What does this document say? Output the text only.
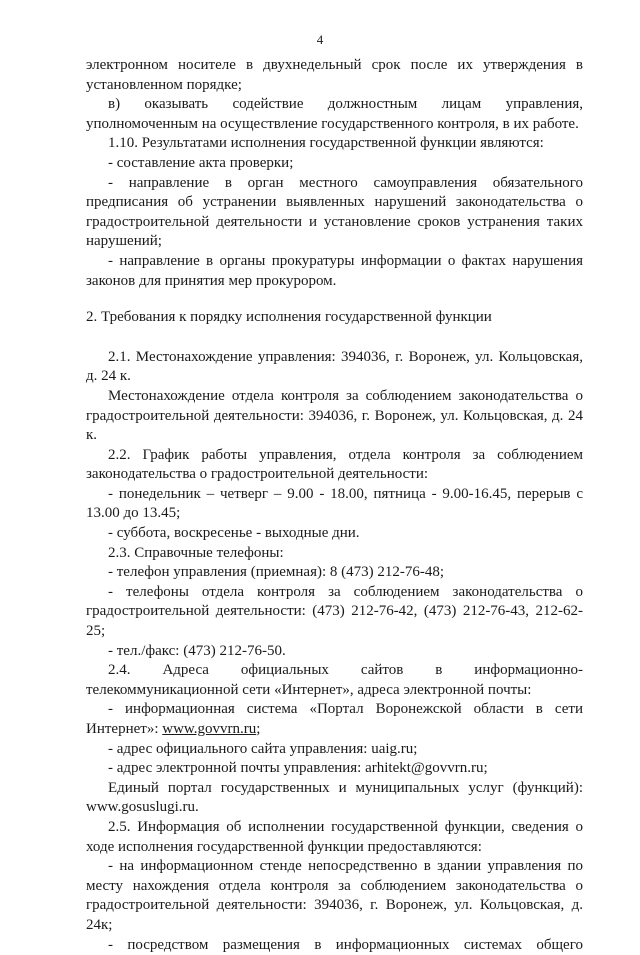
4

электронном носителе в двухнедельный срок после их утверждения в установленном порядке;

в) оказывать содействие должностным лицам управления, уполномоченным на осуществление государственного контроля, в их работе.

1.10. Результатами исполнения государственной функции являются:

- составление акта проверки;

- направление в орган местного самоуправления обязательного предписания об устранении выявленных нарушений законодательства о градостроительной деятельности и установление сроков устранения таких нарушений;

- направление в органы прокуратуры информации о фактах нарушения законов для принятия мер прокурором.

2. Требования к порядку исполнения государственной функции

2.1. Местонахождение управления: 394036, г. Воронеж, ул. Кольцовская, д. 24 к.

Местонахождение отдела контроля за соблюдением законодательства о градостроительной деятельности: 394036, г. Воронеж, ул. Кольцовская, д. 24 к.

2.2. График работы управления, отдела контроля за соблюдением законодательства о градостроительной деятельности:

- понедельник – четверг – 9.00 - 18.00, пятница - 9.00-16.45, перерыв с 13.00 до 13.45;

- суббота, воскресенье - выходные дни.

2.3. Справочные телефоны:

- телефон управления (приемная): 8 (473) 212-76-48;

- телефоны отдела контроля за соблюдением законодательства о градостроительной деятельности: (473) 212-76-42, (473) 212-76-43, 212-62-25;

- тел./факс: (473) 212-76-50.

2.4. Адреса официальных сайтов в информационно-телекоммуникационной сети «Интернет», адреса электронной почты:

- информационная система «Портал Воронежской области в сети Интернет»: www.govvrn.ru;

- адрес официального сайта управления: uaig.ru;

- адрес электронной почты управления: arhitekt@govvrn.ru;

Единый портал государственных и муниципальных услуг (функций): www.gosuslugi.ru.

2.5. Информация об исполнении государственной функции, сведения о ходе исполнения государственной функции предоставляются:

- на информационном стенде непосредственно в здании управления по месту нахождения отдела контроля за соблюдением законодательства о градостроительной деятельности: 394036, г. Воронеж, ул. Кольцовская, д. 24к;

- посредством размещения в информационных системах общего
